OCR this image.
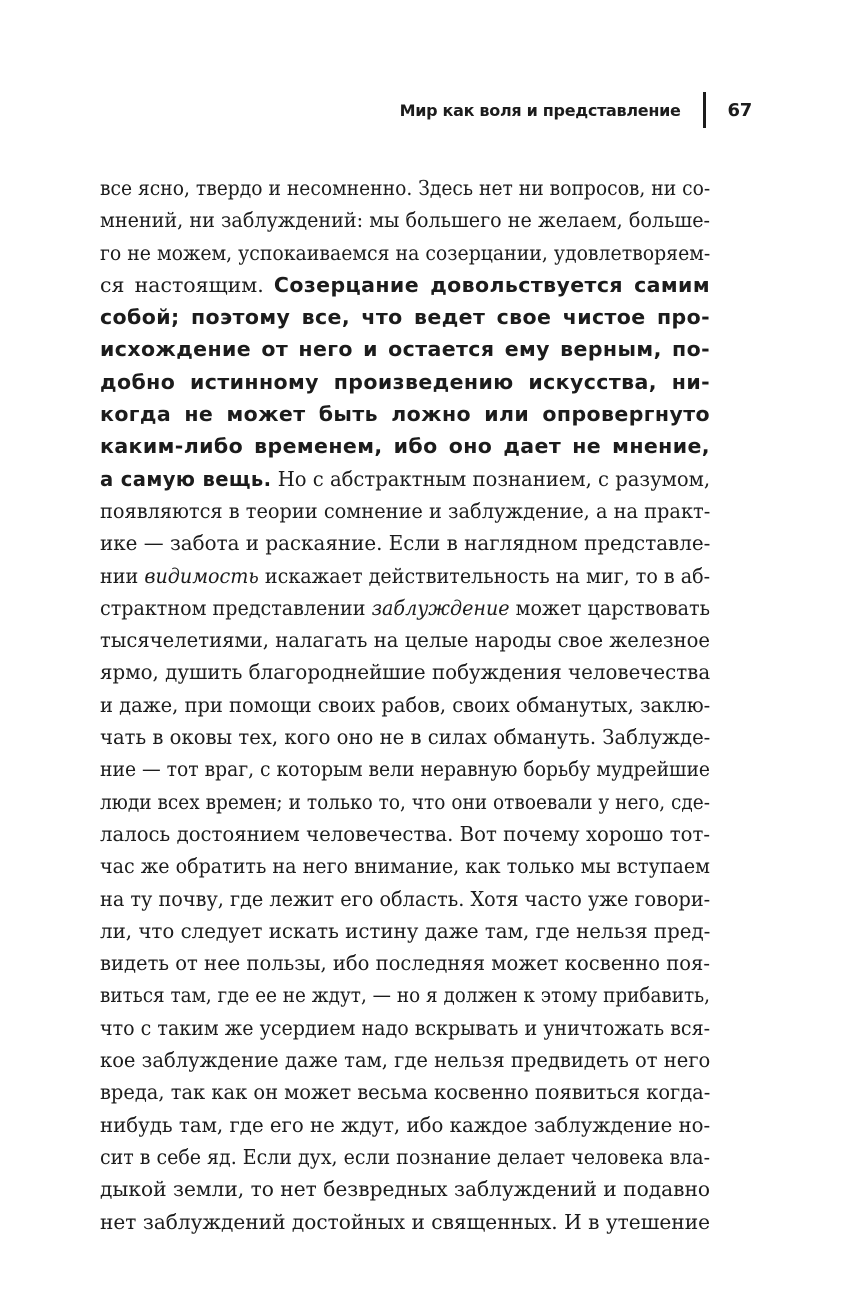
Мир как воля и представление	67
все ясно, твердо и несомненно. Здесь нет ни вопросов, ни со-
мнений, ни заблуждений: мы большего не желаем, больше-
го не можем, успокаиваемся на созерцании, удовлетворяем-
ся настоящим. Созерцание довольствуется самим
собой; поэтому все, что ведет свое чистое про-
исхождение от него и остается ему верным, по-
добно истинному произведению искусства, ни-
когда не может быть ложно или опровергнуто
каким-либо временем, ибо оно дает не мнение,
а самую вещь. Но с абстрактным познанием, с разумом,
появляются в теории сомнение и заблуждение, а на практ-
ике — забота и раскаяние. Если в наглядном представле-
нии видимость искажает действительность на миг, то в аб-
страктном представлении заблуждение может царствовать
тысячелетиями, налагать на целые народы свое железное
ярмо, душить благороднейшие побуждения человечества
и даже, при помощи своих рабов, своих обманутых, заклю-
чать в оковы тех, кого оно не в силах обмануть. Заблужде-
ние — тот враг, с которым вели неравную борьбу мудрейшие
люди всех времен; и только то, что они отвоевали у него, сде-
лалось достоянием человечества. Вот почему хорошо тот-
час же обратить на него внимание, как только мы вступаем
на ту почву, где лежит его область. Хотя часто уже говори-
ли, что следует искать истину даже там, где нельзя пред-
видеть от нее пользы, ибо последняя может косвенно поя-
виться там, где ее не ждут, — но я должен к этому прибавить,
что с таким же усердием надо вскрывать и уничтожать вся-
кое заблуждение даже там, где нельзя предвидеть от него
вреда, так как он может весьма косвенно появиться когда-
нибудь там, где его не ждут, ибо каждое заблуждение но-
сит в себе яд. Если дух, если познание делает человека вла-
дыкой земли, то нет безвредных заблуждений и подавно
нет заблуждений достойных и священных. И в утешение
